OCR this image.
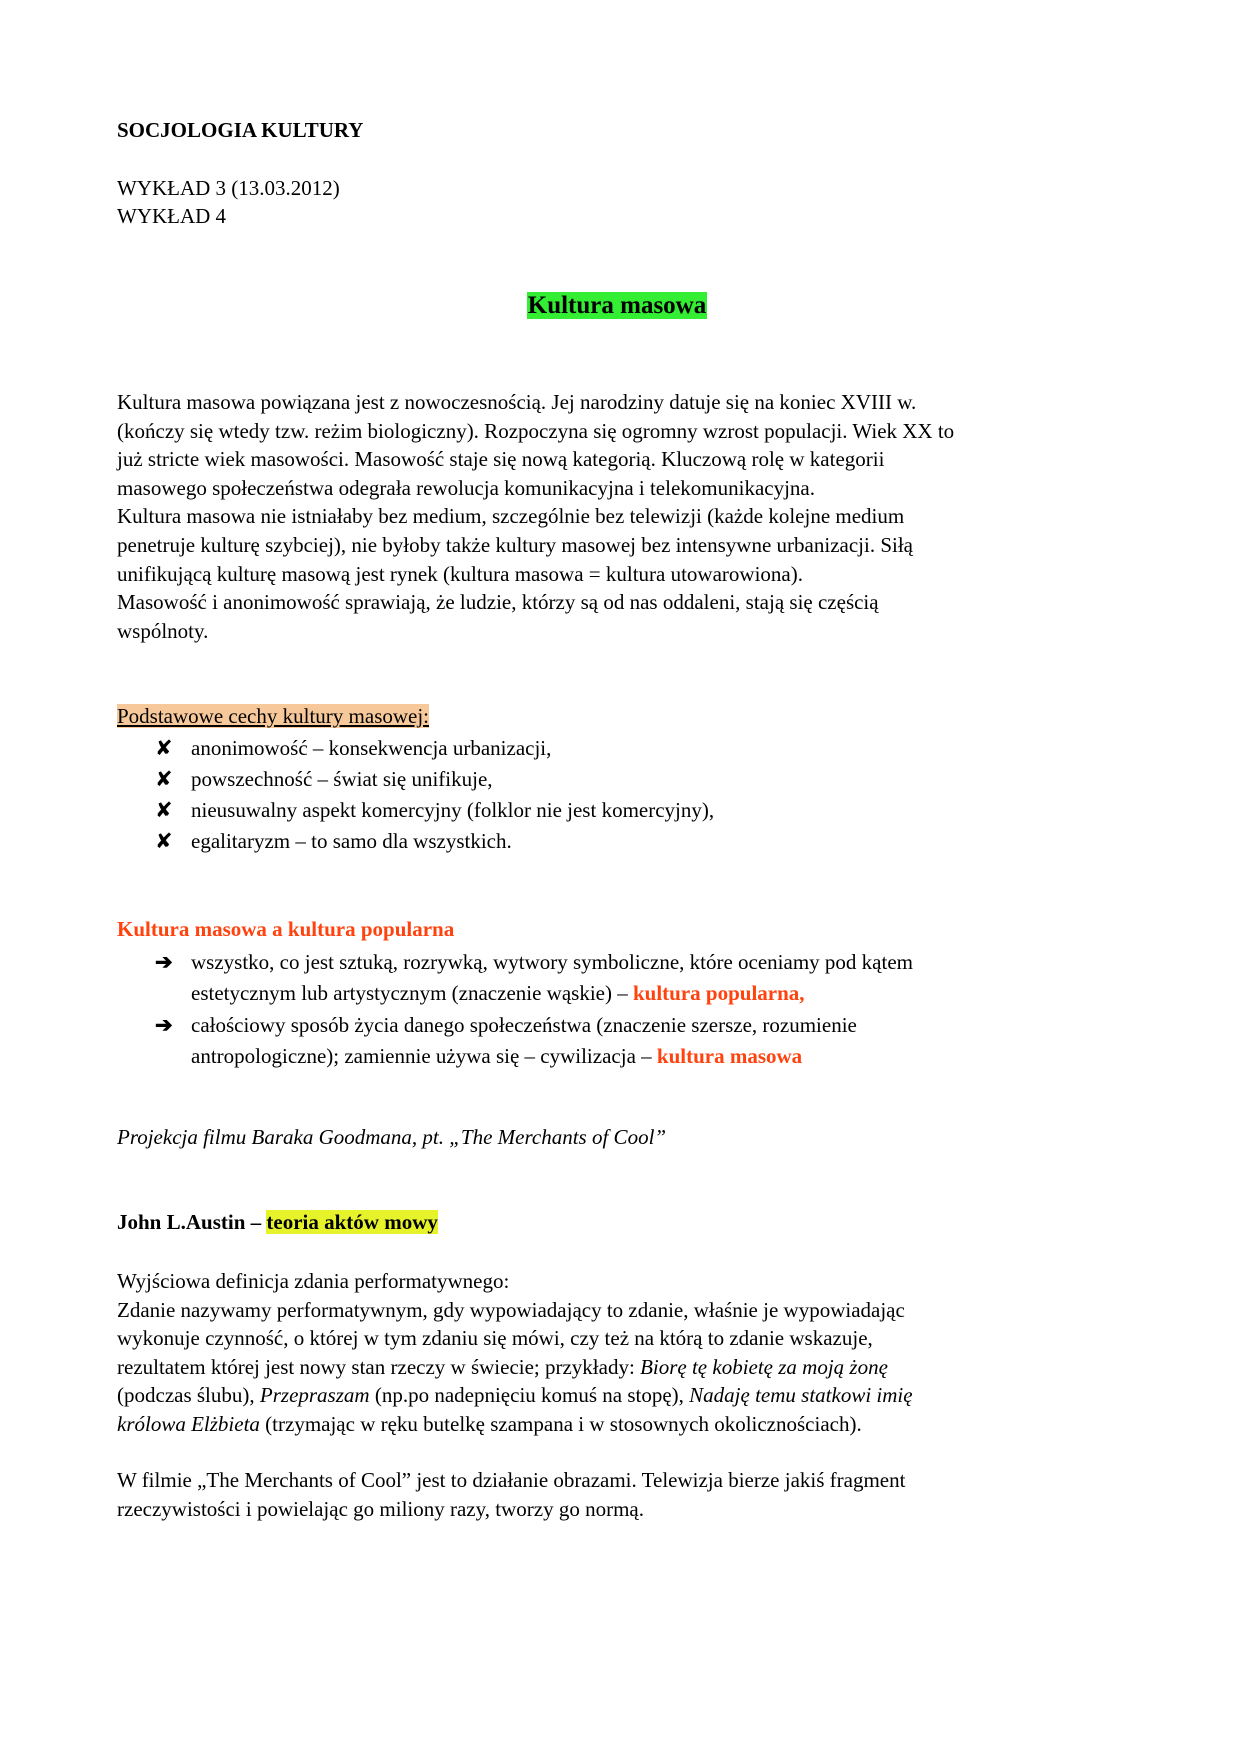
SOCJOLOGIA KULTURY
WYKŁAD 3 (13.03.2012)
WYKŁAD 4
Kultura masowa
Kultura masowa powiązana jest z nowoczesnością. Jej narodziny datuje się na koniec XVIII w.
(kończy się wtedy tzw. reżim biologiczny). Rozpoczyna się ogromny wzrost populacji. Wiek XX to
już stricte wiek masowości. Masowość staje się nową kategorią. Kluczową rolę w kategorii
masowego społeczeństwa odegrała rewolucja komunikacyjna i telekomunikacyjna.
Kultura masowa nie istniałaby bez medium, szczególnie bez telewizji (każde kolejne medium
penetruje kulturę szybciej), nie byłoby także kultury masowej bez intensywne urbanizacji. Siłą
unifikującą kulturę masową jest rynek (kultura masowa = kultura utowarowiona).
Masowość i anonimowość sprawiają, że ludzie, którzy są od nas oddaleni, stają się częścią
wspólnoty.
Podstawowe cechy kultury masowej:
✘ anonimowość – konsekwencja urbanizacji,
✘ powszechność – świat się unifikuje,
✘ nieusuwalny aspekt komercyjny (folklor nie jest komercyjny),
✘ egalitaryzm – to samo dla wszystkich.
Kultura masowa a kultura popularna
➔ wszystko, co jest sztuką, rozrywką, wytwory symboliczne, które oceniamy pod kątem
estetycznym lub artystycznym (znaczenie wąskie) – kultura popularna,
➔ całościowy sposób życia danego społeczeństwa (znaczenie szersze, rozumienie
antropologiczne); zamiennie używa się – cywilizacja – kultura masowa
Projekcja filmu Baraka Goodmana, pt. „The Merchants of Cool”
John L.Austin – teoria aktów mowy
Wyjściowa definicja zdania performatywnego:
Zdanie nazywamy performatywnym, gdy wypowiadający to zdanie, właśnie je wypowiadając
wykonuje czynność, o której w tym zdaniu się mówi, czy też na którą to zdanie wskazuje,
rezultatem której jest nowy stan rzeczy w świecie; przykłady: Biorę tę kobietę za moją żonę
(podczas ślubu), Przepraszam (np.po nadepnięciu komuś na stopę), Nadaję temu statkowi imię
królowa Elżbieta (trzymając w ręku butelkę szampana i w stosownych okolicznościach).
W filmie „The Merchants of Cool” jest to działanie obrazami. Telewizja bierze jakiś fragment
rzeczywistości i powielając go miliony razy, tworzy go normą.
